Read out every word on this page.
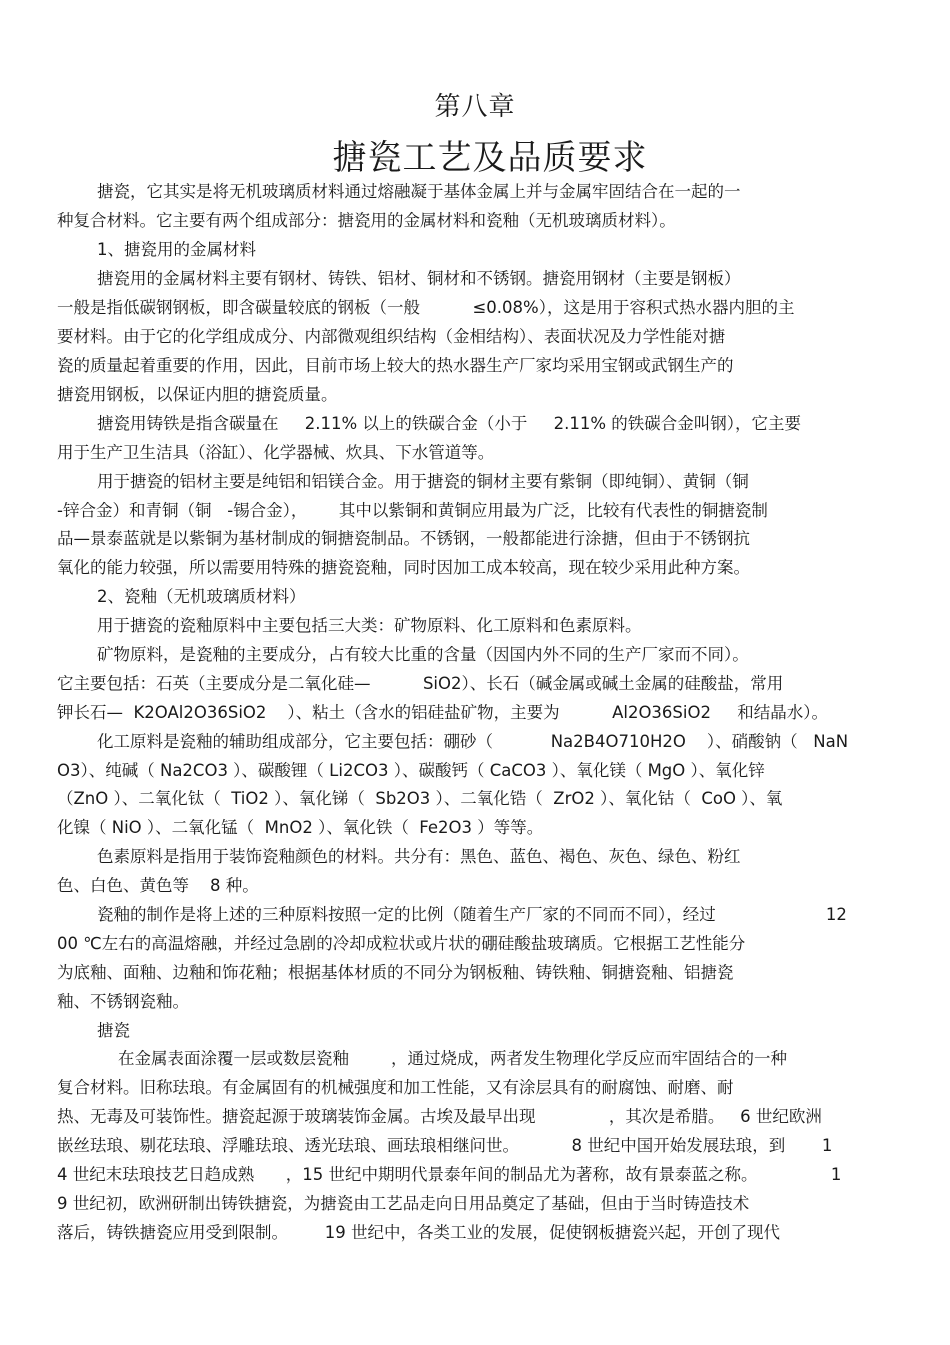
第八章
搪瓷工艺及品质要求
搪瓷，它其实是将无机玻璃质材料通过熔融凝于基体金属上并与金属牢固结合在一起的一
种复合材料。它主要有两个组成部分：搪瓷用的金属材料和瓷釉（无机玻璃质材料）。
1、搪瓷用的金属材料
搪瓷用的金属材料主要有钢材、铸铁、铝材、铜材和不锈钢。搪瓷用钢材（主要是钢板）
一般是指低碳钢钢板，即含碳量较底的钢板（一般          ≤0.08%），这是用于容积式热水器内胆的主
要材料。由于它的化学组成成分、内部微观组织结构（金相结构）、表面状况及力学性能对搪
瓷的质量起着重要的作用，因此，目前市场上较大的热水器生产厂家均采用宝钢或武钢生产的
搪瓷用钢板，以保证内胆的搪瓷质量。
搪瓷用铸铁是指含碳量在     2.11% 以上的铁碳合金（小于     2.11% 的铁碳合金叫钢），它主要
用于生产卫生洁具（浴缸）、化学器械、炊具、下水管道等。
用于搪瓷的铝材主要是纯铝和铝镁合金。用于搪瓷的铜材主要有紫铜（即纯铜）、黄铜（铜
-锌合金）和青铜（铜   -锡合金），      其中以紫铜和黄铜应用最为广泛，比较有代表性的铜搪瓷制
品—景泰蓝就是以紫铜为基材制成的铜搪瓷制品。不锈钢，一般都能进行涂搪，但由于不锈钢抗
氧化的能力较强，所以需要用特殊的搪瓷瓷釉，同时因加工成本较高，现在较少采用此种方案。
2、瓷釉（无机玻璃质材料）
用于搪瓷的瓷釉原料中主要包括三大类：矿物原料、化工原料和色素原料。
矿物原料，是瓷釉的主要成分，占有较大比重的含量（因国内外不同的生产厂家而不同）。
它主要包括：石英（主要成分是二氧化硅—          SiO2）、长石（碱金属或碱土金属的硅酸盐，常用
钾长石—  K2OAl2O36SiO2    ）、粘土（含水的铝硅盐矿物，主要为          Al2O36SiO2     和结晶水）。
化工原料是瓷釉的辅助组成部分，它主要包括：硼砂（           Na2B4O710H2O    ）、硝酸钠（   NaN
O3）、纯碱（ Na2CO3 ）、碳酸锂（ Li2CO3 ）、碳酸钙（ CaCO3 ）、氧化镁（ MgO ）、氧化锌
（ZnO ）、二氧化钛（  TiO2 ）、氧化锑（  Sb2O3 ）、二氧化锆（  ZrO2 ）、氧化钴（  CoO ）、氧
化镍（ NiO ）、二氧化锰（  MnO2 ）、氧化铁（  Fe2O3 ）等等。
色素原料是指用于装饰瓷釉颜色的材料。共分有：黑色、蓝色、褐色、灰色、绿色、粉红
色、白色、黄色等    8 种。
瓷釉的制作是将上述的三种原料按照一定的比例（随着生产厂家的不同而不同），经过                     12
00 ℃左右的高温熔融，并经过急剧的冷却成粒状或片状的硼硅酸盐玻璃质。它根据工艺性能分
为底釉、面釉、边釉和饰花釉；根据基体材质的不同分为钢板釉、铸铁釉、铜搪瓷釉、铝搪瓷
釉、不锈钢瓷釉。
搪瓷
在金属表面涂覆一层或数层瓷釉        ，通过烧成，两者发生物理化学反应而牢固结合的一种
复合材料。旧称珐琅。有金属固有的机械强度和加工性能，又有涂层具有的耐腐蚀、耐磨、耐
热、无毒及可装饰性。搪瓷起源于玻璃装饰金属。古埃及最早出现              ，其次是希腊。   6 世纪欧洲
嵌丝珐琅、剔花珐琅、浮雕珐琅、透光珐琅、画珐琅相继问世。          8 世纪中国开始发展珐琅，到       1
4 世纪末珐琅技艺日趋成熟      ，15 世纪中期明代景泰年间的制品尤为著称，故有景泰蓝之称。              1
9 世纪初，欧洲研制出铸铁搪瓷，为搪瓷由工艺品走向日用品奠定了基础，但由于当时铸造技术
落后，铸铁搪瓷应用受到限制。       19 世纪中，各类工业的发展，促使钢板搪瓷兴起，开创了现代
